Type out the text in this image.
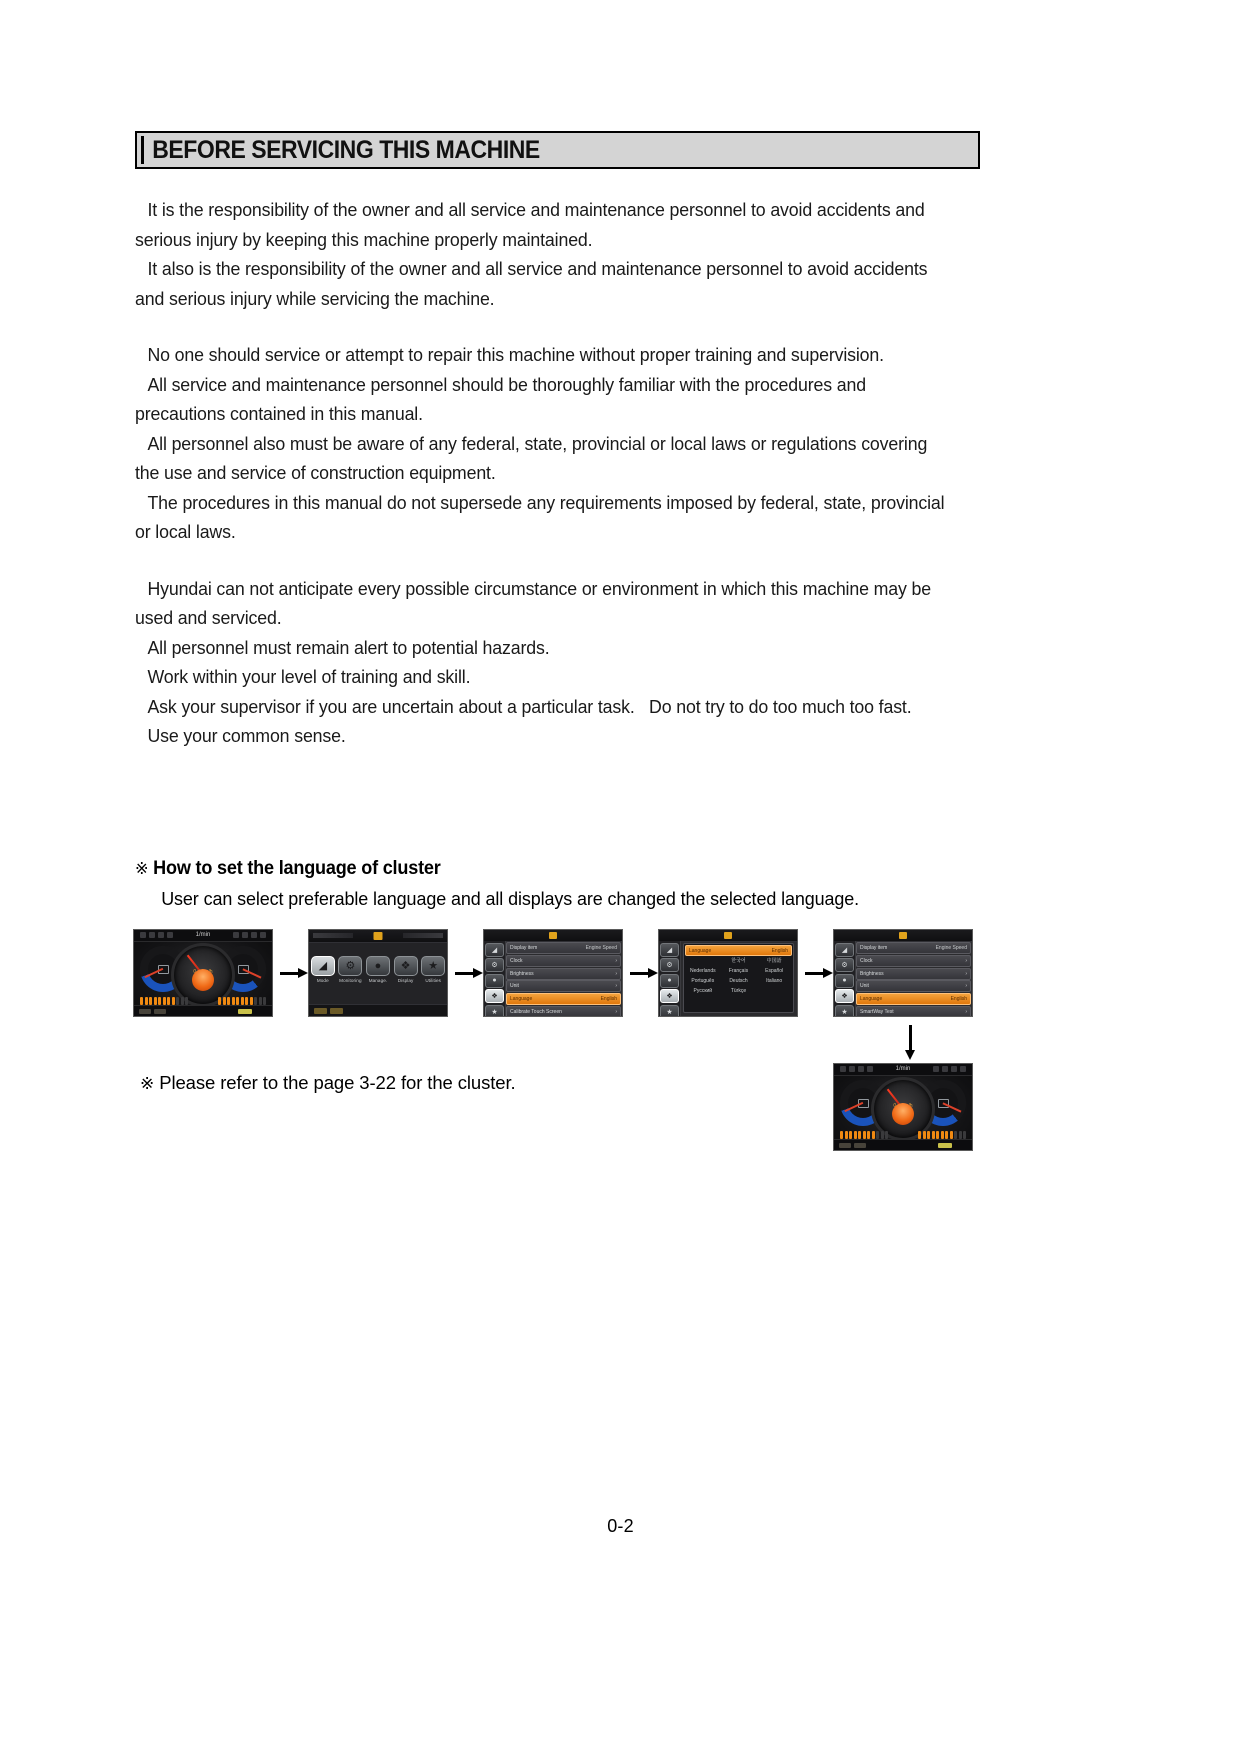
BEFORE SERVICING THIS MACHINE
It is the responsibility of the owner and all service and maintenance personnel to avoid accidents and serious injury by keeping this machine properly maintained.
It also is the responsibility of the owner and all service and maintenance personnel to avoid accidents and serious injury while servicing the machine.
No one should service or attempt to repair this machine without proper training and supervision.
All service and maintenance personnel should be thoroughly familiar with the procedures and precautions contained in this manual.
All personnel also must be aware of any federal, state, provincial or local laws or regulations covering the use and service of construction equipment.
The procedures in this manual do not supersede any requirements imposed by federal, state, provincial or local laws.
Hyundai can not anticipate every possible circumstance or environment in which this machine may be used and serviced.
All personnel must remain alert to potential hazards.
Work within your level of training and skill.
Ask your supervisor if you are uncertain about a particular task.   Do not try to do too much too fast.
Use your common sense.
※ How to set the language of cluster
User can select preferable language and all displays are changed the selected language.
1/min
◢
Mode
⚙
Monitoring
●
Manage.
❖
Display
★
Utilities
◢
⚙
●
❖
★
Display item	Engine Speed
Clock	›
Brightness	›
Unit	›
Language	English
Calibrate Touch Screen	›
◢
⚙
●
❖
★
Language	English
한국어	中国語
Nederlands	Français	Español
Português	Deutsch	Italiano
Русский	Türkçe
◢
⚙
●
❖
★
Display item	Engine Speed
Clock	›
Brightness	›
Unit	›
Language	English
SmartWay Test	›
1/min
※ Please refer to the page 3-22 for the cluster.
0-2
